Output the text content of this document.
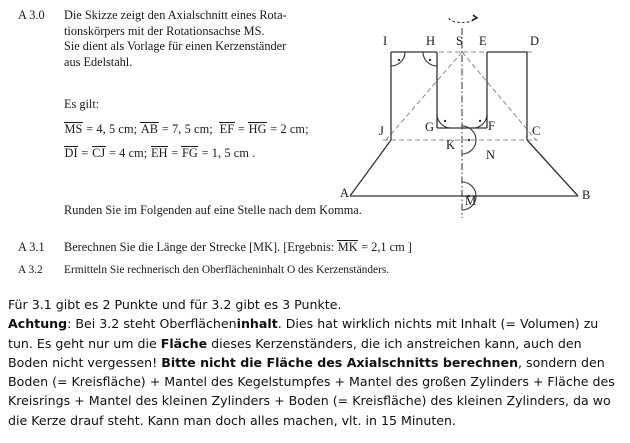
A 3.0	Die Skizze zeigt den Axialschnitt eines Rota-
tionskörpers mit der Rotationsachse MS.
Sie dient als Vorlage für einen Kerzenständer
aus Edelstahl.
Es gilt:
MS = 4, 5 cm; AB = 7, 5 cm; EF = HG = 2 cm;
DI = CJ = 4 cm; EH = FG = 1, 5 cm .
Runden Sie im Folgenden auf eine Stelle nach dem Komma.
A 3.1 Berechnen Sie die Länge der Strecke [MK]. [Ergebnis: MK = 2,1 cm ]
A 3.2 Ermitteln Sie rechnerisch den Oberflächeninhalt O des Kerzenständers.
I	H S E	D
J	G	F	C
K
N
M
A	B

Für 3.1 gibt es 2 Punkte und für 3.2 gibt es 3 Punkte.

Achtung: Bei 3.2 steht Oberflächeninhalt. Dies hat wirklich nichts mit Inhalt (= Volumen) zu tun. Es geht nur um die Fläche dieses Kerzenständers, die ich anstreichen kann, auch den Boden nicht vergessen! Bitte nicht die Fläche des Axialschnitts berechnen, sondern den Boden (= Kreisfläche) + Mantel des Kegelstumpfes + Mantel des großen Zylinders + Fläche des Kreisrings + Mantel des kleinen Zylinders + Boden (= Kreisfläche) des kleinen Zylinders, da wo die Kerze drauf steht. Kann man doch alles machen, vlt. in 15 Minuten.
